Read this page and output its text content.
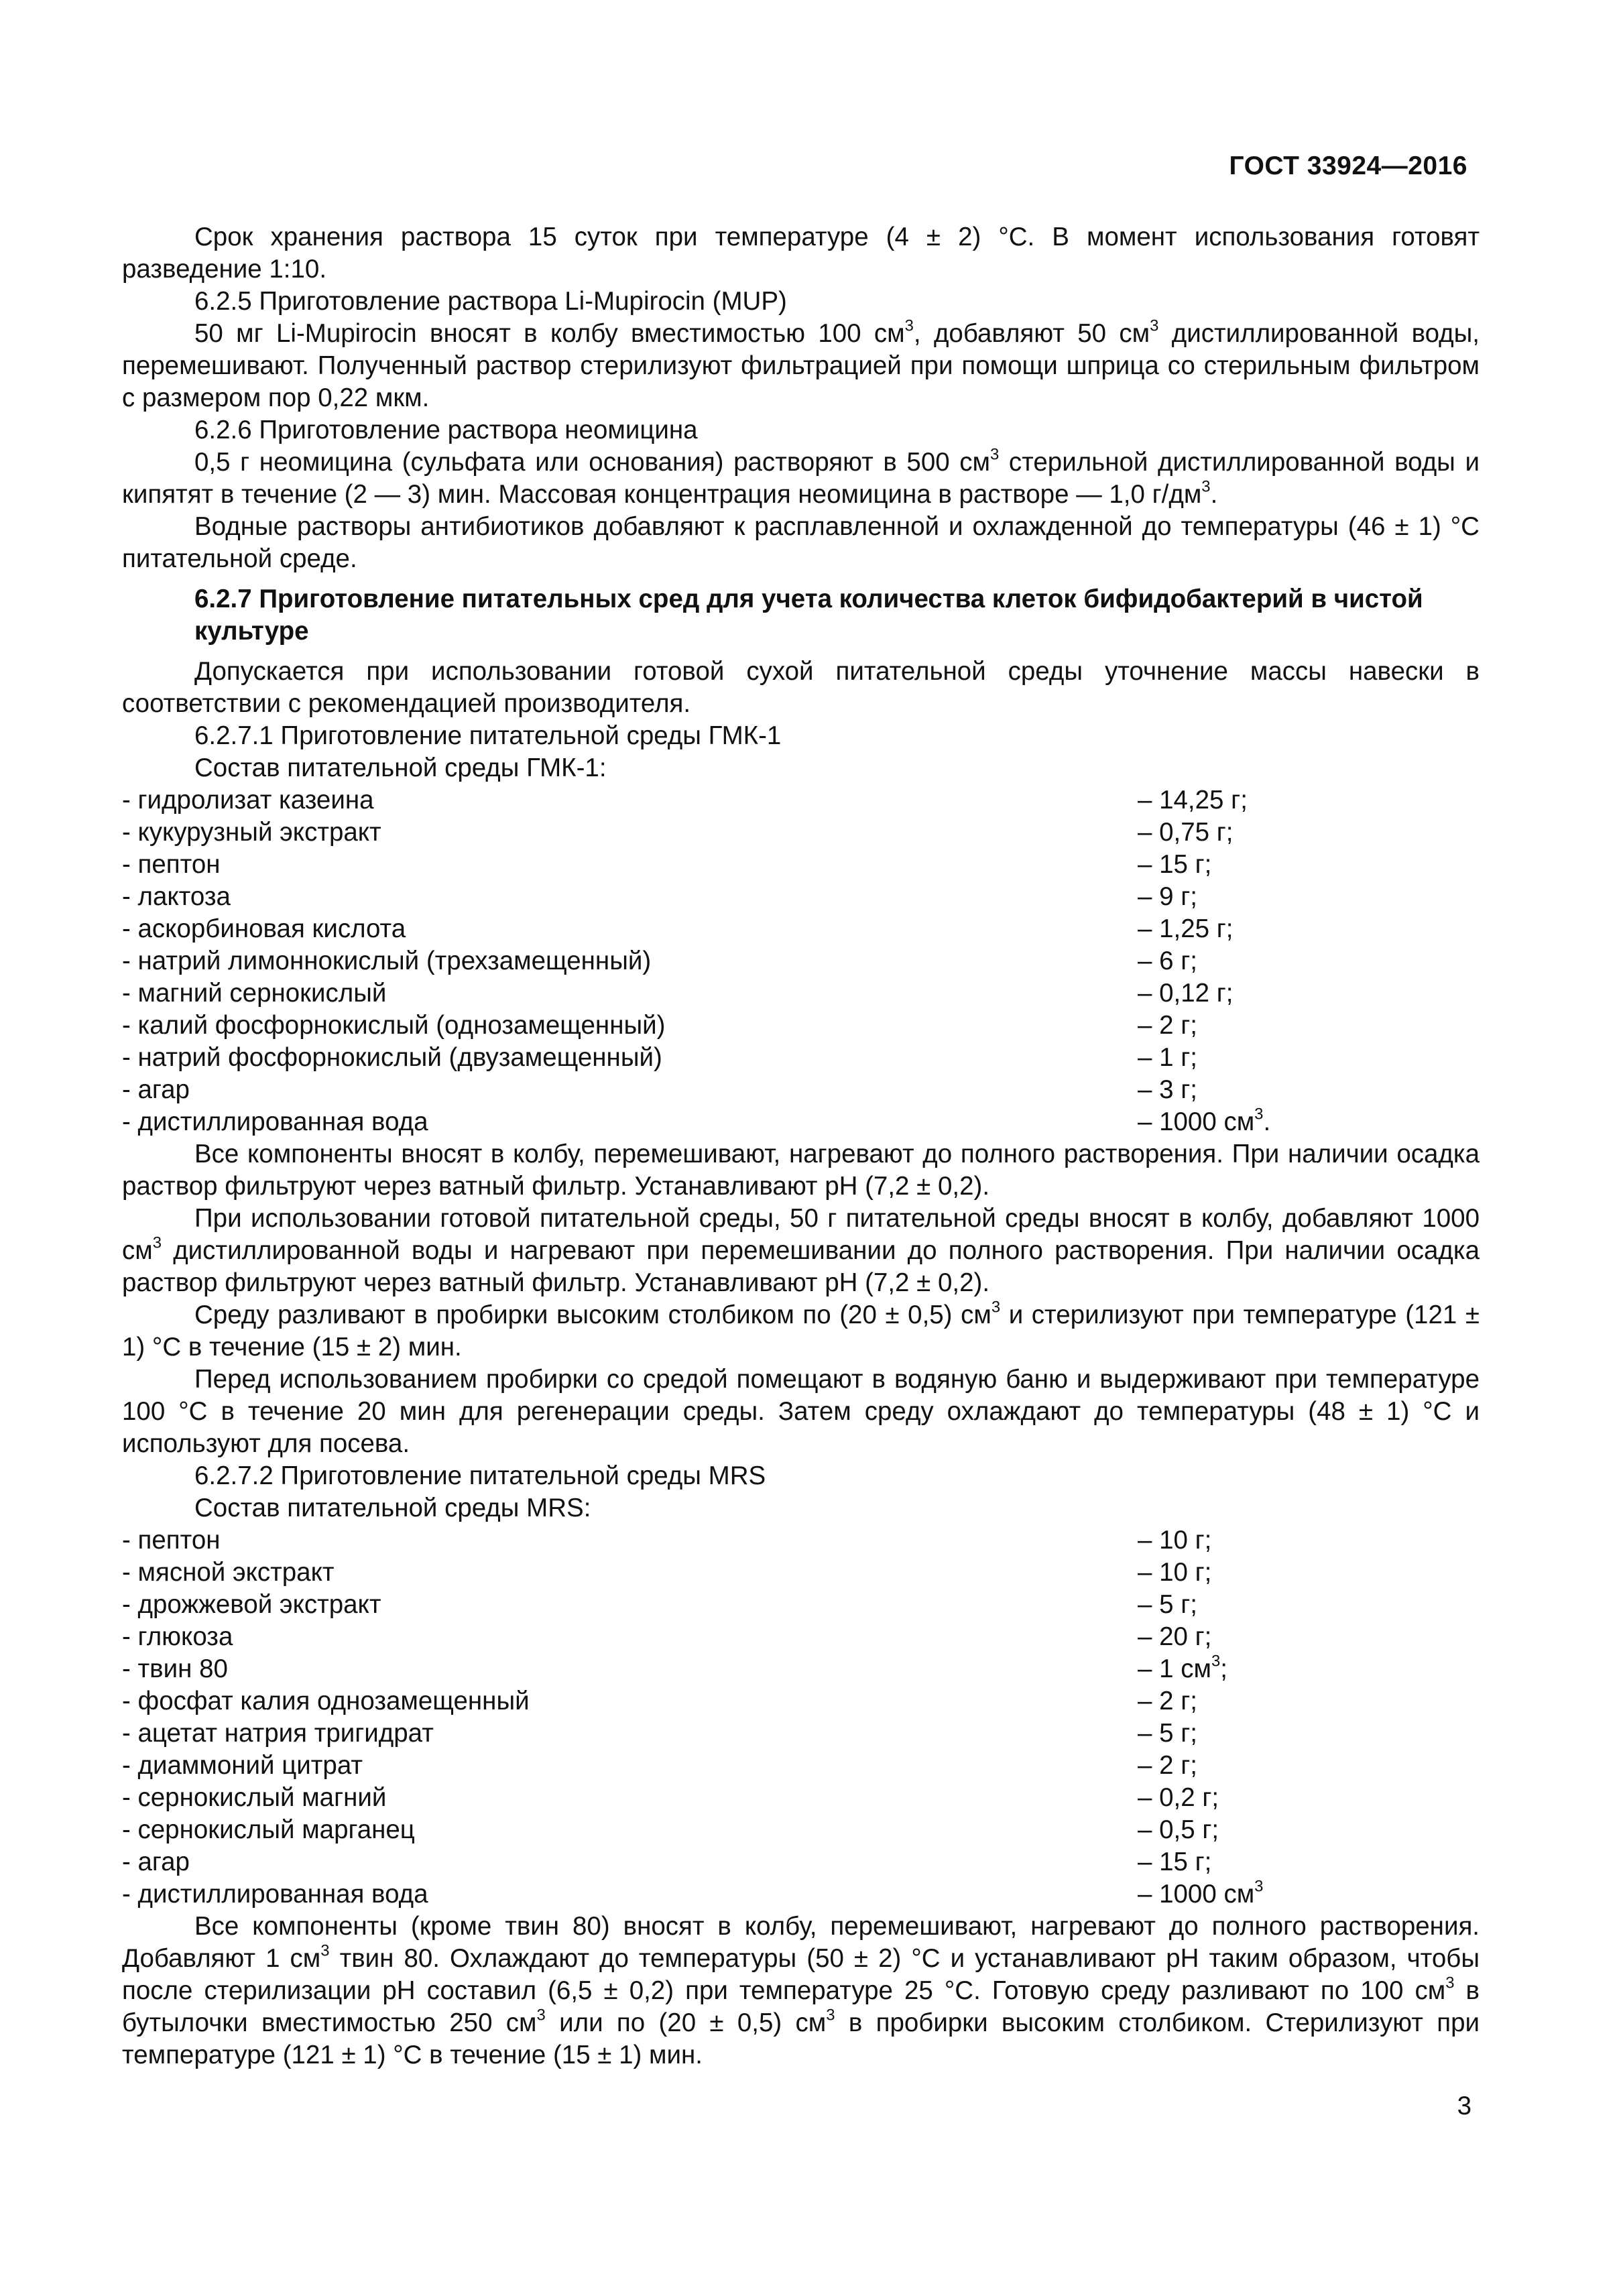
ГОСТ 33924—2016

Срок хранения раствора 15 суток при температуре (4 ± 2) °С. В момент использования готовят разведение 1:10.

6.2.5 Приготовление раствора Li-Mupirocin (MUP)

50 мг Li-Mupirocin вносят в колбу вместимостью 100 $см^3$, добавляют 50 $см^3$ дистиллированной воды, перемешивают. Полученный раствор стерилизуют фильтрацией при помощи шприца со стерильным фильтром с размером пор 0,22 мкм.

6.2.6 Приготовление раствора неомицина

0,5 г неомицина (сульфата или основания) растворяют в 500 $см^3$ стерильной дистиллированной воды и кипятят в течение (2 — 3) мин. Массовая концентрация неомицина в растворе — 1,0 $г/дм^3$.

Водные растворы антибиотиков добавляют к расплавленной и охлажденной до температуры (46 ± 1) °С питательной среде.

6.2.7 Приготовление питательных сред для учета количества клеток бифидобактерий в чистой культуре

Допускается при использовании готовой сухой питательной среды уточнение массы навески в соответствии с рекомендацией производителя.

6.2.7.1 Приготовление питательной среды ГМК-1

Состав питательной среды ГМК-1:

- гидролизат казеина	– 14,25 г;
- кукурузный экстракт	– 0,75 г;
- пептон	– 15 г;
- лактоза	– 9 г;
- аскорбиновая кислота	– 1,25 г;
- натрий лимоннокислый (трехзамещенный)	– 6 г;
- магний сернокислый	– 0,12 г;
- калий фосфорнокислый (однозамещенный)	– 2 г;
- натрий фосфорнокислый (двузамещенный)	– 1 г;
- агар	– 3 г;
- дистиллированная вода	– 1000 $см^3$.

Все компоненты вносят в колбу, перемешивают, нагревают до полного растворения. При наличии осадка раствор фильтруют через ватный фильтр. Устанавливают рН (7,2 ± 0,2).

При использовании готовой питательной среды, 50 г питательной среды вносят в колбу, добавляют 1000 $см^3$ дистиллированной воды и нагревают при перемешивании до полного растворения. При наличии осадка раствор фильтруют через ватный фильтр. Устанавливают рН (7,2 ± 0,2).

Среду разливают в пробирки высоким столбиком по (20 ± 0,5) $см^3$ и стерилизуют при температуре (121 ± 1) °С в течение (15 ± 2) мин.

Перед использованием пробирки со средой помещают в водяную баню и выдерживают при температуре 100 °С в течение 20 мин для регенерации среды. Затем среду охлаждают до температуры (48 ± 1) °С и используют для посева.

6.2.7.2 Приготовление питательной среды MRS

Состав питательной среды MRS:

- пептон	– 10 г;
- мясной экстракт	– 10 г;
- дрожжевой экстракт	– 5 г;
- глюкоза	– 20 г;
- твин 80	– 1 $см^3$;
- фосфат калия однозамещенный	– 2 г;
- ацетат натрия тригидрат	– 5 г;
- диаммоний цитрат	– 2 г;
- сернокислый магний	– 0,2 г;
- сернокислый марганец	– 0,5 г;
- агар	– 15 г;
- дистиллированная вода	– 1000 $см^3$

Все компоненты (кроме твин 80) вносят в колбу, перемешивают, нагревают до полного растворения. Добавляют 1 $см^3$ твин 80. Охлаждают до температуры (50 ± 2) °С и устанавливают рН таким образом, чтобы после стерилизации рН составил (6,5 ± 0,2) при температуре 25 °С. Готовую среду разливают по 100 $см^3$ в бутылочки вместимостью 250 $см^3$ или по (20 ± 0,5) $см^3$ в пробирки высоким столбиком. Стерилизуют при температуре (121 ± 1) °С в течение (15 ± 1) мин.

3
